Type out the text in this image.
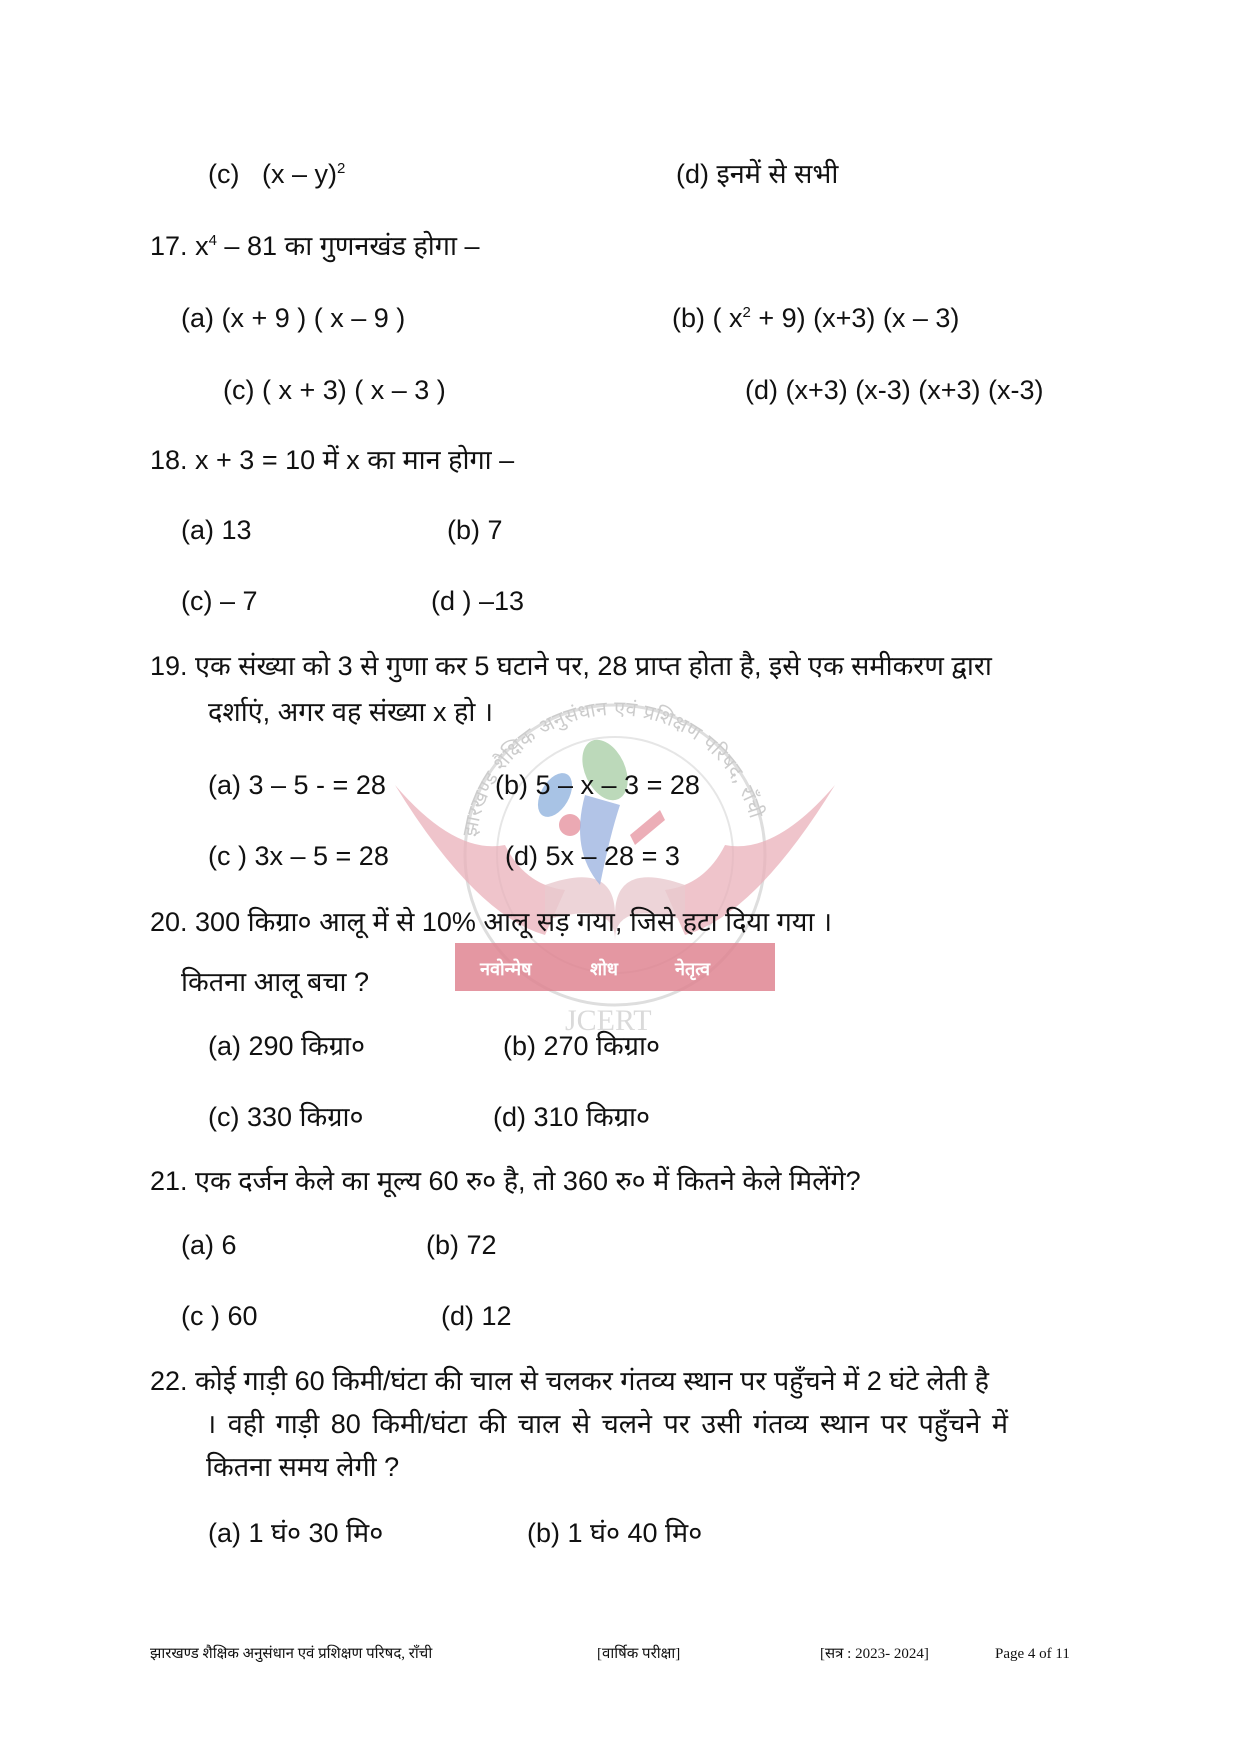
झारखण्ड शैक्षिक अनुसंधान एवं प्रशिक्षण परिषद, राँची
नवोन्मेष	शोध	नेतृत्व
JCERT
(c) (x – y)$^2$	(d) इनमें से सभी
17. $x^4 - 81$ का गुणनखंड होगा –
(a) (x + 9 ) ( x – 9 )	(b) ( $x^2 + 9$) (x+3) (x – 3)
(c) ( x + 3) ( x – 3 )	(d) (x+3) (x-3) (x+3) (x-3)
18. x + 3 = 10 में x का मान होगा –
(a) 13	(b) 7
(c) – 7	(d ) –13
19. एक संख्या को 3 से गुणा कर 5 घटाने पर, 28 प्राप्त होता है, इसे एक समीकरण द्वारा
दर्शाएं, अगर वह संख्या x हो ।
(a) 3 – 5 - = 28	(b) 5 – x – 3 = 28
(c ) 3x – 5 = 28	(d) 5x – 28 = 3
20. 300 किग्रा० आलू में से 10% आलू सड़ गया, जिसे हटा दिया गया ।
कितना आलू बचा ?
(a) 290 किग्रा०	(b) 270 किग्रा०
(c) 330 किग्रा०	(d) 310 किग्रा०
21. एक दर्जन केले का मूल्य 60 रु० है, तो 360 रु० में कितने केले मिलेंगे?
(a) 6	(b) 72
(c ) 60	(d) 12
22. कोई गाड़ी 60 किमी/घंटा की चाल से चलकर गंतव्य स्थान पर पहुँचने में 2 घंटे लेती है
। वही गाड़ी 80 किमी/घंटा की चाल से चलने पर उसी गंतव्य स्थान पर पहुँचने में
कितना समय लेगी ?
(a) 1 घं० 30 मि०	(b) 1 घं० 40 मि०
झारखण्ड शैक्षिक अनुसंधान एवं प्रशिक्षण परिषद, राँची	[वार्षिक परीक्षा]	[सत्र : 2023- 2024]	Page 4 of 11
